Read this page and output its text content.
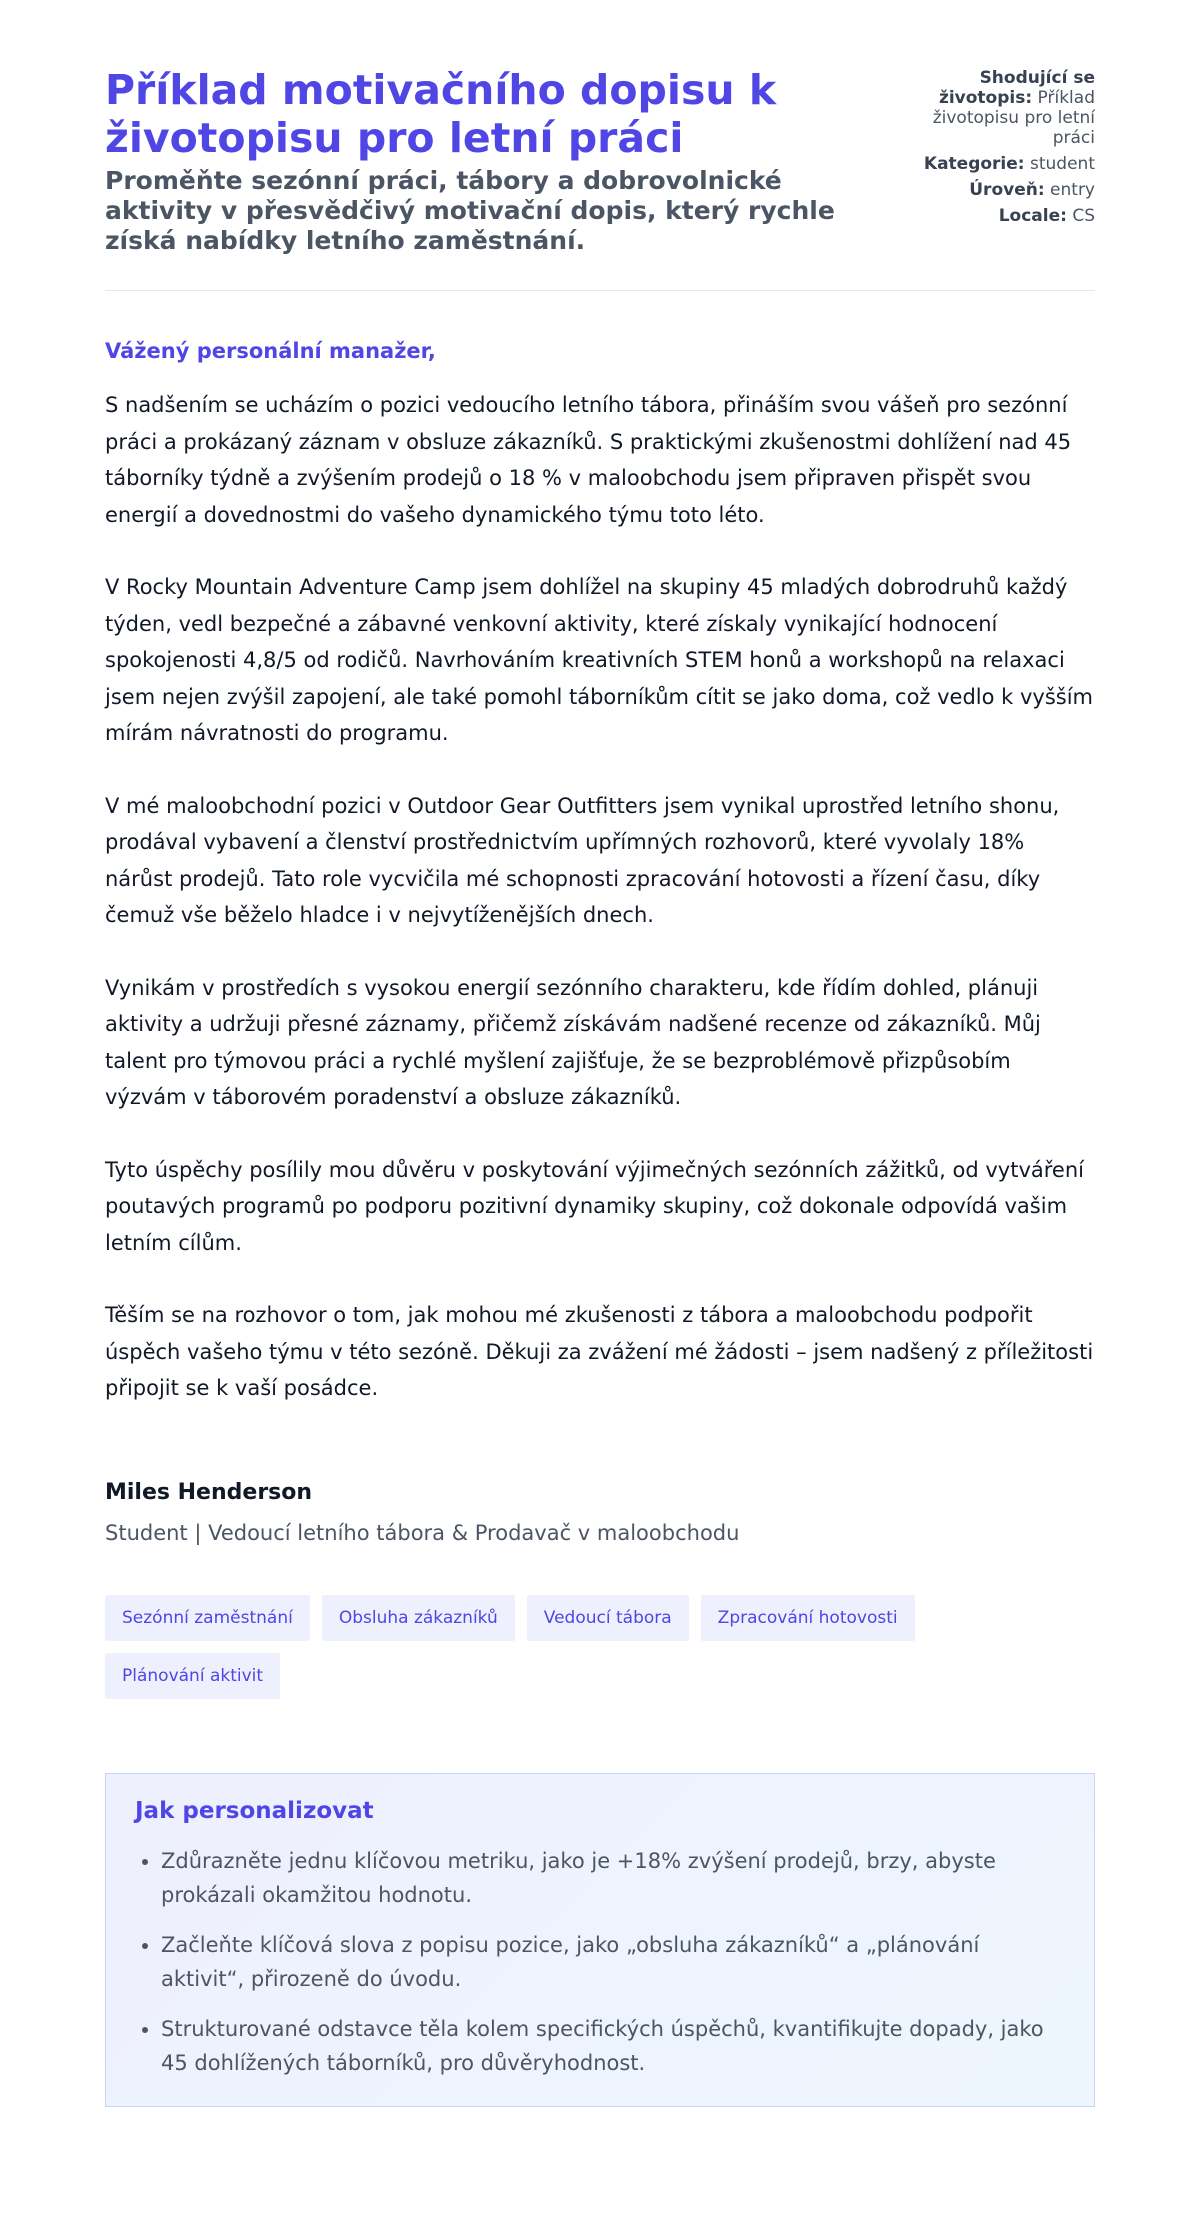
Příklad motivačního dopisu k životopisu pro letní práci
Proměňte sezónní práci, tábory a dobrovolnické aktivity v přesvědčivý motivační dopis, který rychle získá nabídky letního zaměstnání.
Shodující se životopis: Příklad životopisu pro letní práci
Kategorie: student
Úroveň: entry
Locale: CS

Vážený personální manažer,

S nadšením se ucházím o pozici vedoucího letního tábora, přináším svou vášeň pro sezónní práci a prokázaný záznam v obsluze zákazníků. S praktickými zkušenostmi dohlížení nad 45 táborníky týdně a zvýšením prodejů o 18 % v maloobchodu jsem připraven přispět svou energií a dovednostmi do vašeho dynamického týmu toto léto.

V Rocky Mountain Adventure Camp jsem dohlížel na skupiny 45 mladých dobrodruhů každý týden, vedl bezpečné a zábavné venkovní aktivity, které získaly vynikající hodnocení spokojenosti 4,8/5 od rodičů. Navrhováním kreativních STEM honů a workshopů na relaxaci jsem nejen zvýšil zapojení, ale také pomohl táborníkům cítit se jako doma, což vedlo k vyšším mírám návratnosti do programu.

V mé maloobchodní pozici v Outdoor Gear Outfitters jsem vynikal uprostřed letního shonu, prodával vybavení a členství prostřednictvím upřímných rozhovorů, které vyvolaly 18% nárůst prodejů. Tato role vycvičila mé schopnosti zpracování hotovosti a řízení času, díky čemuž vše běželo hladce i v nejvytíženějších dnech.

Vynikám v prostředích s vysokou energií sezónního charakteru, kde řídím dohled, plánuji aktivity a udržuji přesné záznamy, přičemž získávám nadšené recenze od zákazníků. Můj talent pro týmovou práci a rychlé myšlení zajišťuje, že se bezproblémově přizpůsobím výzvám v táborovém poradenství a obsluze zákazníků.

Tyto úspěchy posílily mou důvěru v poskytování výjimečných sezónních zážitků, od vytváření poutavých programů po podporu pozitivní dynamiky skupiny, což dokonale odpovídá vašim letním cílům.

Těším se na rozhovor o tom, jak mohou mé zkušenosti z tábora a maloobchodu podpořit úspěch vašeho týmu v této sezóně. Děkuji za zvážení mé žádosti – jsem nadšený z příležitosti připojit se k vaší posádce.

Miles Henderson

Student | Vedoucí letního tábora & Prodavač v maloobchodu

Sezónní zaměstnání	Obsluha zákazníků	Vedoucí tábora	Zpracování hotovosti
Plánování aktivit
Jak personalizovat
• Zdůrazněte jednu klíčovou metriku, jako je +18% zvýšení prodejů, brzy, abyste prokázali okamžitou hodnotu.
• Začleňte klíčová slova z popisu pozice, jako „obsluha zákazníků“ a „plánování aktivit“, přirozeně do úvodu.
• Strukturované odstavce těla kolem specifických úspěchů, kvantifikujte dopady, jako 45 dohlížených táborníků, pro důvěryhodnost.
